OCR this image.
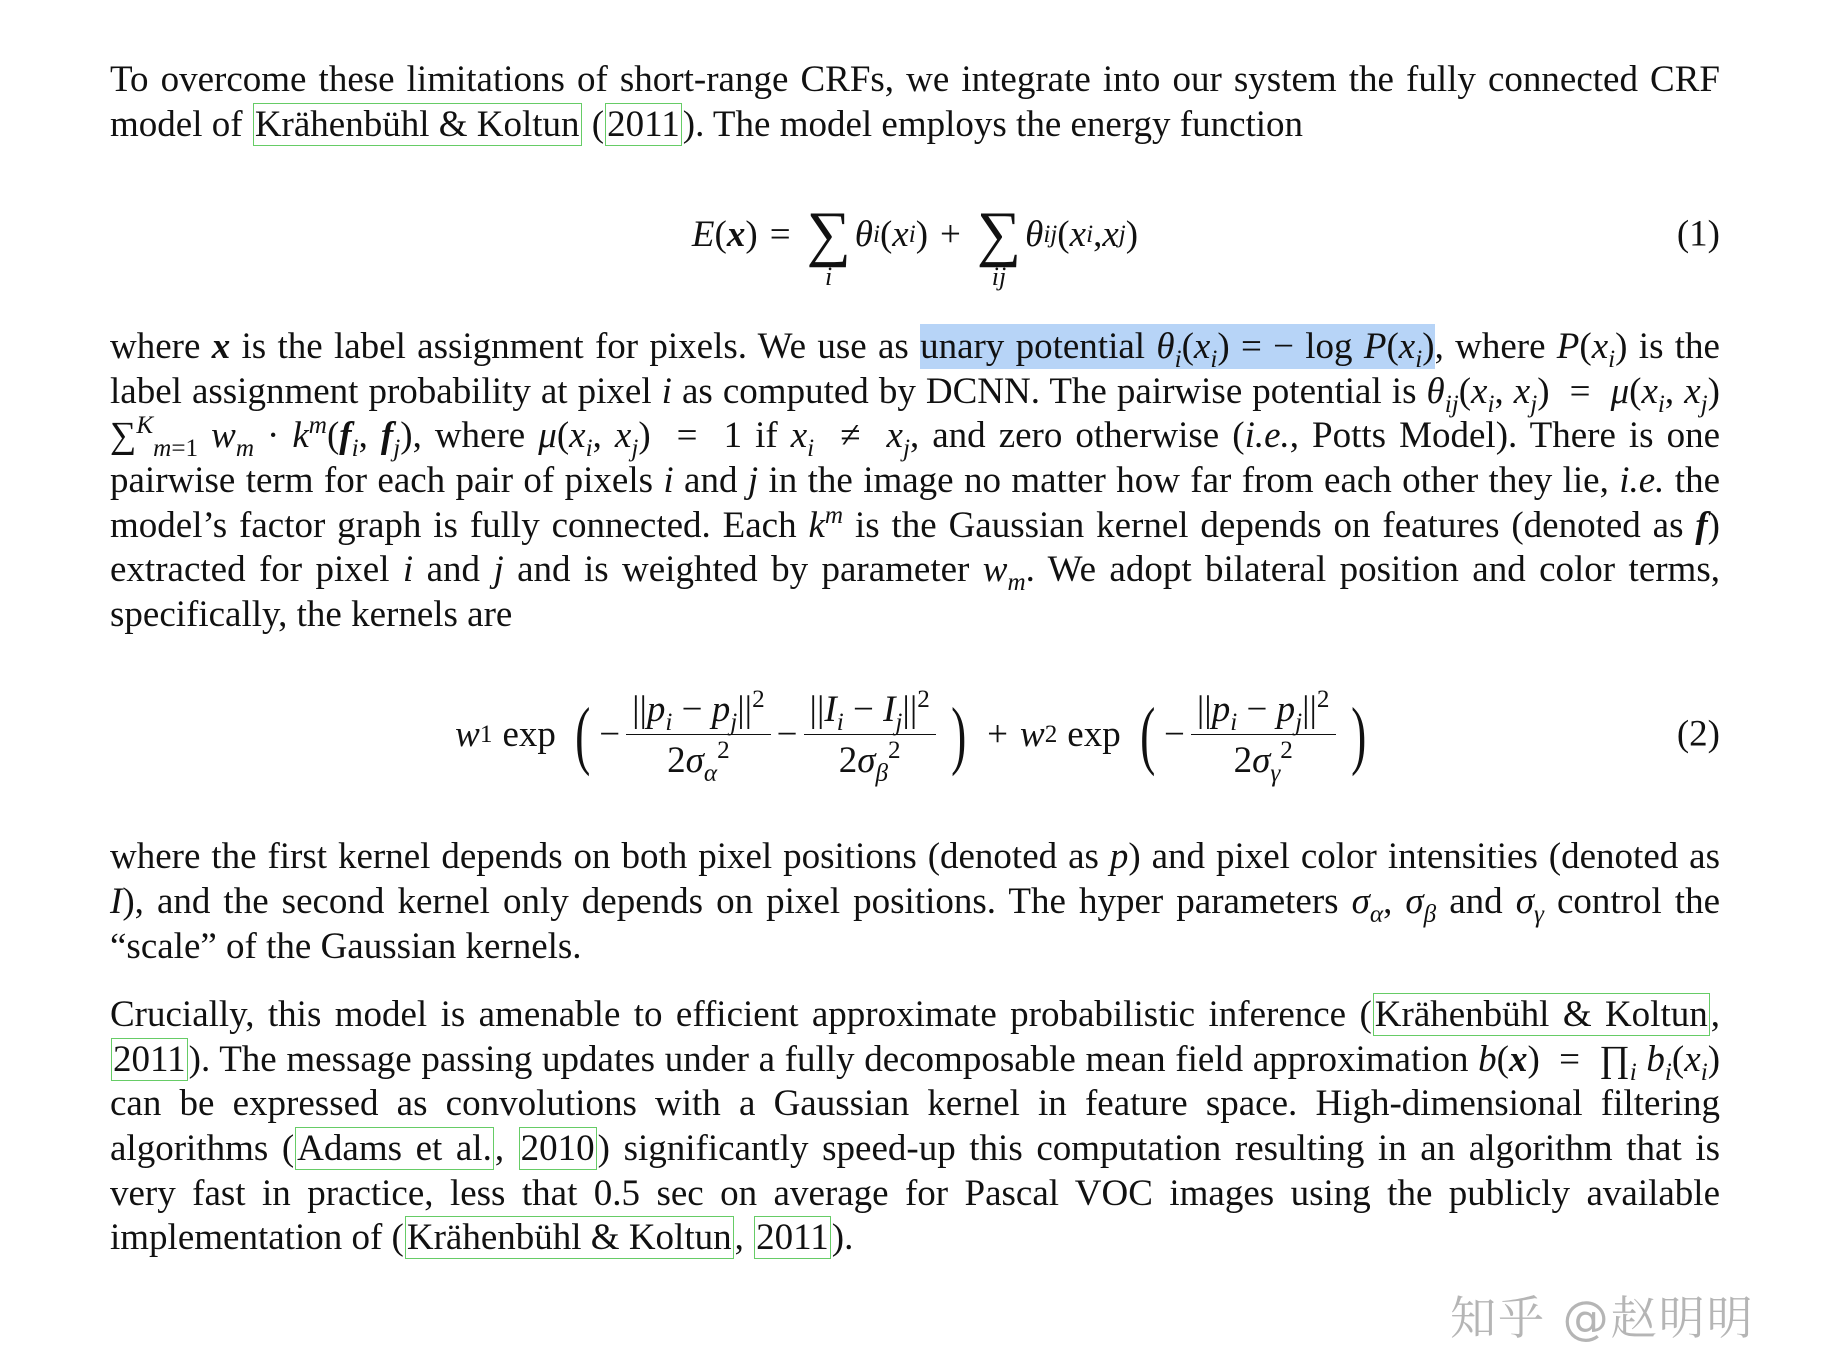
To overcome these limitations of short-range CRFs, we integrate into our system the fully connected CRF model of Krähenbühl & Koltun (2011). The model employs the energy function

E ( x ) = ∑
i
θ i ( x i ) + ∑
ij
θ ij ( x i , x j )	(1)

where x is the label assignment for pixels. We use as unary potential $\theta_i(x_i)$ = − $\log P(x_i)$, where $P(x_i)$ is the label assignment probability at pixel i as computed by DCNN. The pairwise potential is $\theta_{ij}(x_i$, $x_j) = \mu(x_i$, $x_j$) ∑$^K_{m=1}$ $w_m \cdot k^m(f_i$, $f_j$), where $\mu(x_i$, $x_j) = 1$ if $x_i \ne x_j$, and zero otherwise (i.e., Potts Model). There is one pairwise term for each pair of pixels i and j in the image no matter how far from each other they lie, i.e. the model’s factor graph is fully connected. Each $k^m$ is the Gaussian kernel depends on features (denoted as f) extracted for pixel i and j and is weighted by parameter $w_m$. We adopt bilateral position and color terms, specifically, the kernels are

w 1 exp ( − $\frac{||p_i - p_j||^2}{2\sigma_\alpha^2} - \frac{||I_i - I_j||^2}{2\sigma_\beta^2}$ ) + w 2 exp ( − $\frac{||p_i - p_j||^2}{2\sigma_\gamma^2}$ )	(2)

where the first kernel depends on both pixel positions (denoted as p) and pixel color intensities (denoted as I), and the second kernel only depends on pixel positions. The hyper parameters $\sigma_\alpha$, $\sigma_\beta$ and $\sigma_\gamma$ control the “scale” of the Gaussian kernels.

Crucially, this model is amenable to efficient approximate probabilistic inference (Krähenbühl & Koltun, 2011). The message passing updates under a fully decomposable mean field approximation $b(x) = \prod_i$ $b_i(x_i)$ can be expressed as convolutions with a Gaussian kernel in feature space. High-dimensional filtering algorithms (Adams et al., 2010) significantly speed-up this computation resulting in an algorithm that is very fast in practice, less that 0.5 sec on average for Pascal VOC images using the publicly available implementation of (Krähenbühl & Koltun, 2011).

知乎 @赵明明
